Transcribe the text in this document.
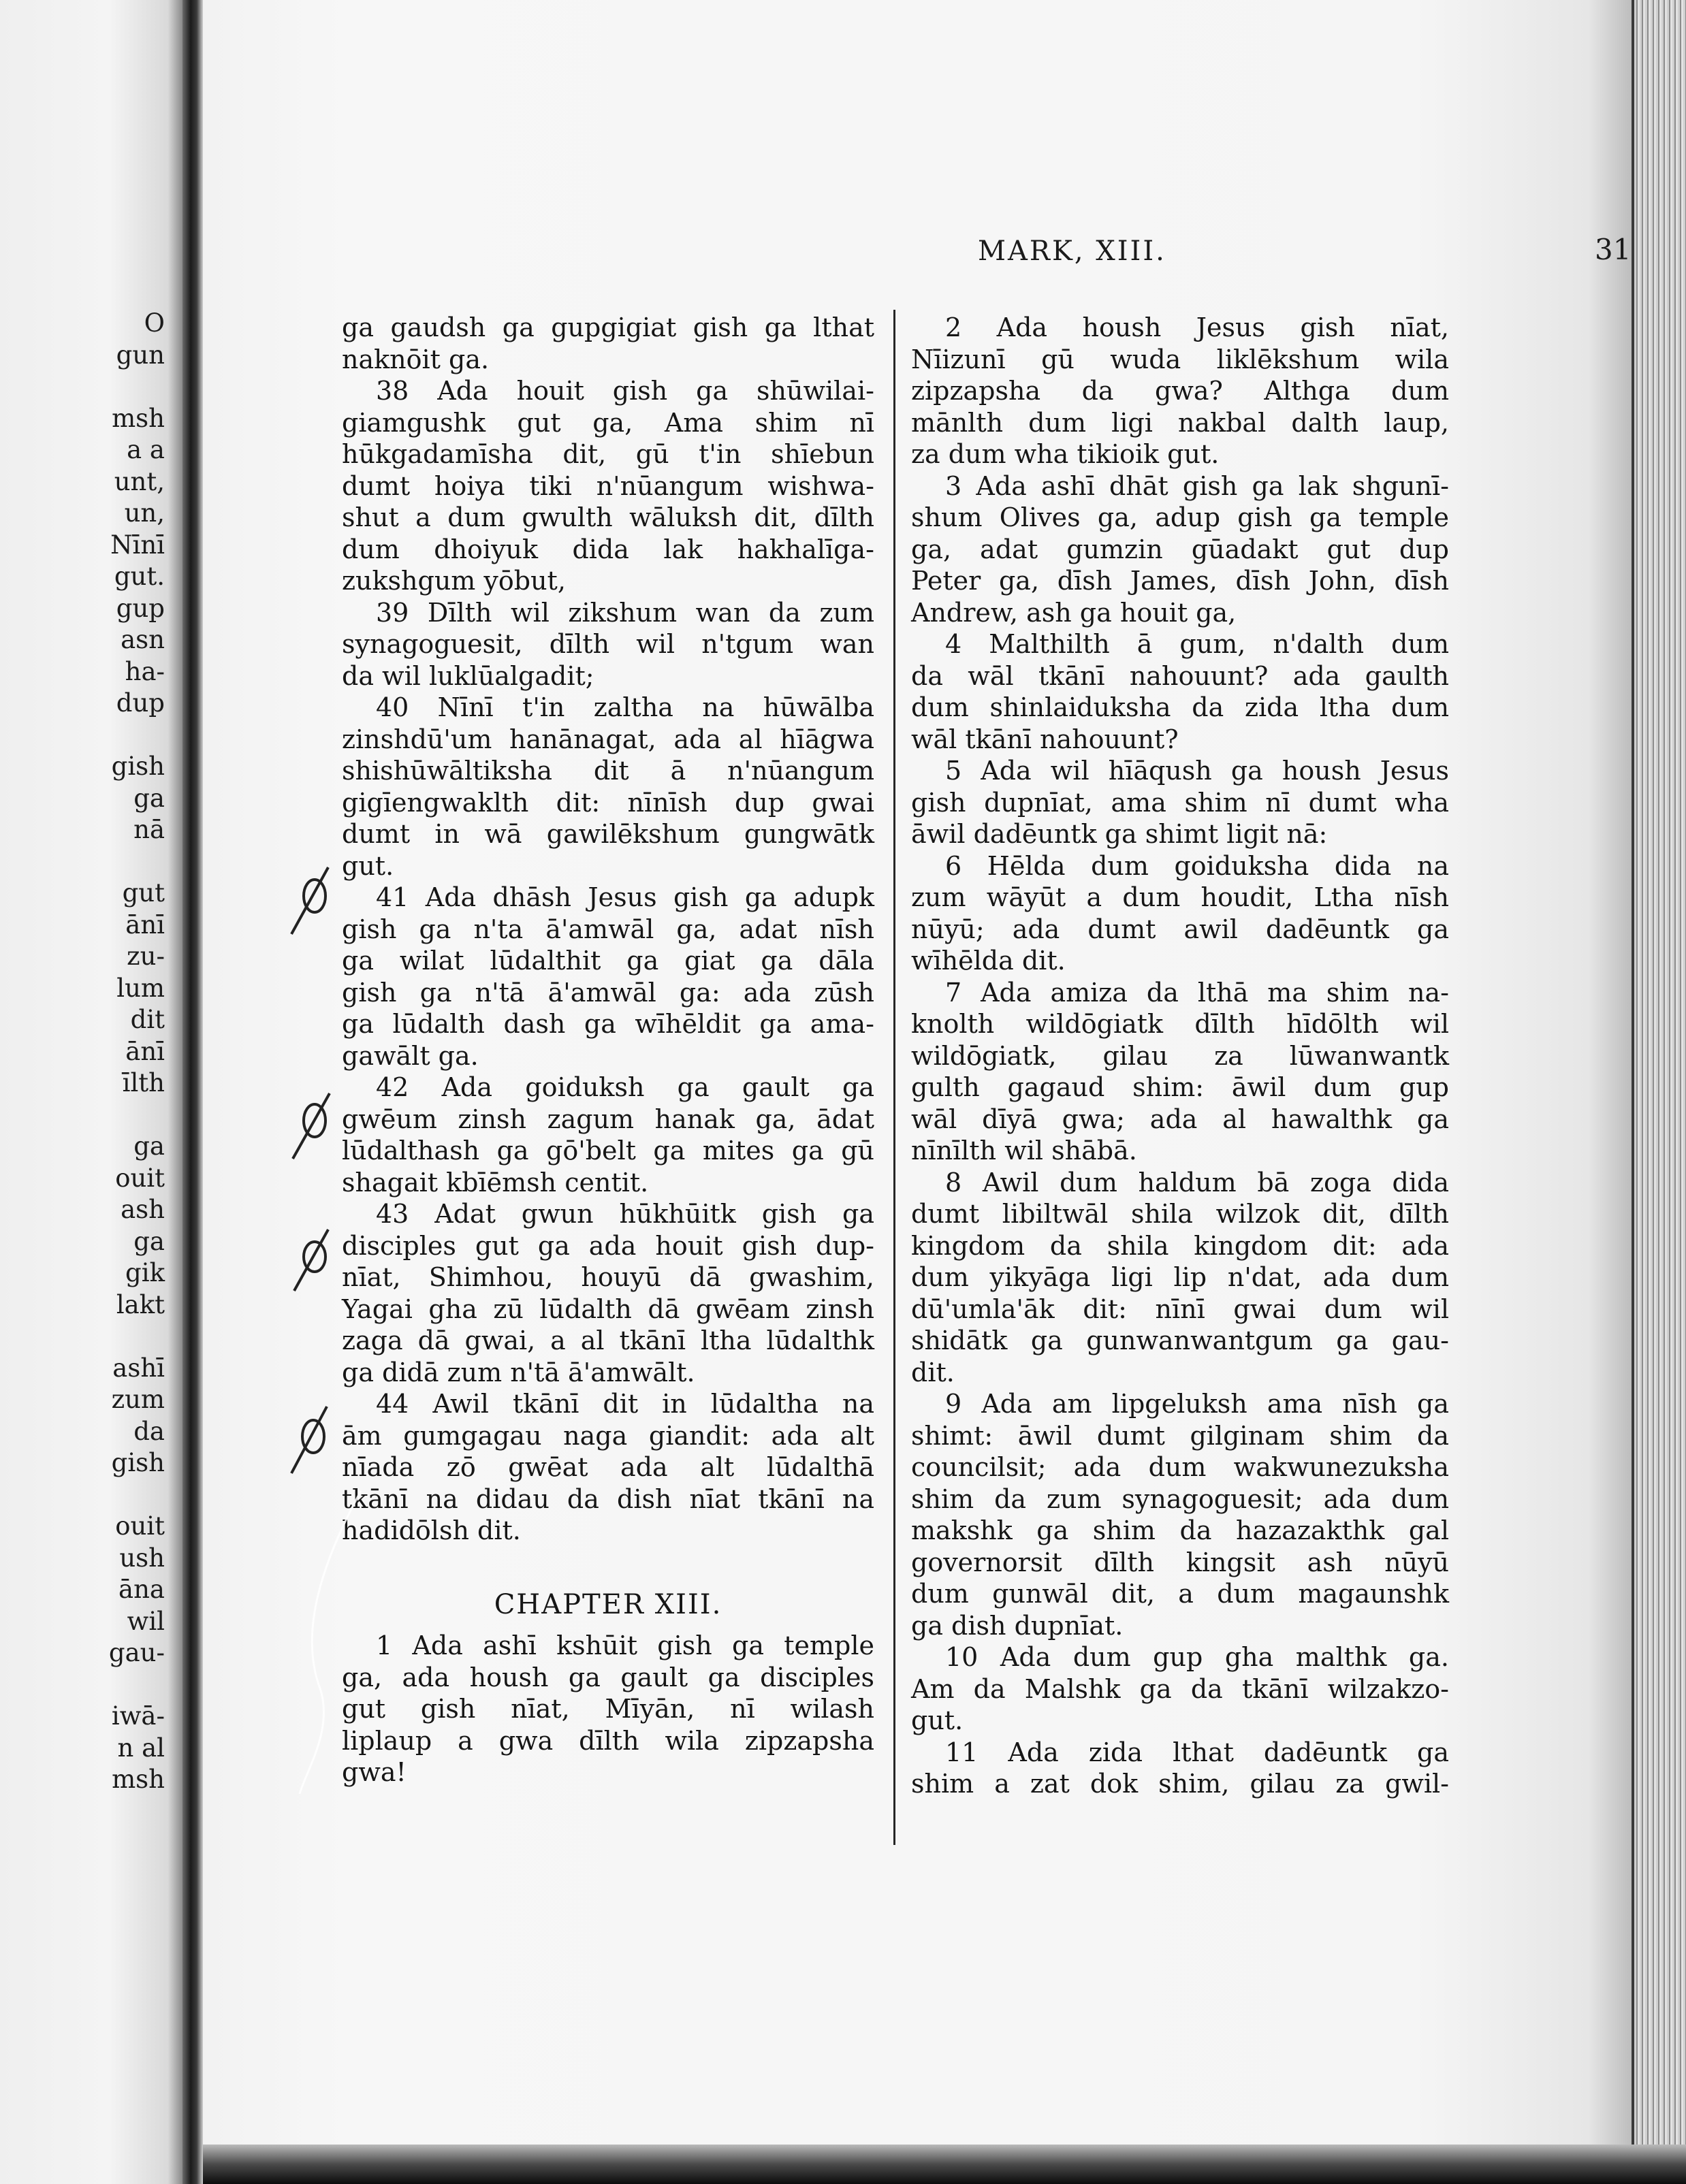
O
gun
msh
a a
unt,
un,
Nīnī
gut.
gup
asn
ha-
dup
gish
ga
nā
gut
ānī
zu-
lum
dit
ānī
īlth
ga
ouit
ash
ga
gik
lakt
ashī
zum
da
gish
ouit
ush
āna
wil
gau-
iwā-
n al
msh
MARK, XIII.	31

ga gaudsh ga gupgigiat gish ga lthat

naknōit ga.

38 Ada houit gish ga shūwilai-

giamgushk gut ga, Ama shim nī

hūkgadamīsha dit, gū t'in shīebun

dumt hoiya tiki n'nūangum wishwa-

shut a dum gwulth wāluksh dit, dīlth

dum dhoiyuk dida lak hakhalīga-

zukshgum yōbut,

39 Dīlth wil zikshum wan da zum

synagoguesit, dīlth wil n'tgum wan

da wil luklūalgadit;

40 Nīnī t'in zaltha na hūwālba

zinshdū'um hanānagat, ada al hīāgwa

shishūwāltiksha dit ā n'nūangum

gigīengwaklth dit: nīnīsh dup gwai

dumt in wā gawilēkshum gungwātk

gut.

41 Ada dhāsh Jesus gish ga adupk

gish ga n'ta ā'amwāl ga, adat nīsh

ga wilat lūdalthit ga giat ga dāla

gish ga n'tā ā'amwāl ga: ada zūsh

ga lūdalth dash ga wīhēldit ga ama-

gawālt ga.

42 Ada goiduksh ga gault ga

gwēum zinsh zagum hanak ga, ādat

lūdalthash ga gō'belt ga mites ga gū

shagait kbīēmsh centit.

43 Adat gwun hūkhūitk gish ga

disciples gut ga ada houit gish dup-

nīat, Shimhou, houyū dā gwashim,

Yagai gha zū lūdalth dā gwēam zinsh

zaga dā gwai, a al tkānī ltha lūdalthk

ga didā zum n'tā ā'amwālt.

44 Awil tkānī dit in lūdaltha na

ām gumgagau naga giandit: ada alt

nīada zō gwēat ada alt lūdalthā

tkānī na didau da dish nīat tkānī na

hadidōlsh dit.

CHAPTER XIII.

1 Ada ashī kshūit gish ga temple

ga, ada housh ga gault ga disciples

gut gish nīat, Mīyān, nī wilash

liplaup a gwa dīlth wila zipzapsha

gwa!

2 Ada housh Jesus gish nīat,

Nīizunī gū wuda liklēkshum wila

zipzapsha da gwa? Althga dum

mānlth dum ligi nakbal dalth laup,

za dum wha tikioik gut.

3 Ada ashī dhāt gish ga lak shgunī-

shum Olives ga, adup gish ga temple

ga, adat gumzin gūadakt gut dup

Peter ga, dīsh James, dīsh John, dīsh

Andrew, ash ga houit ga,

4 Malthilth ā gum, n'dalth dum

da wāl tkānī nahouunt? ada gaulth

dum shinlaiduksha da zida ltha dum

wāl tkānī nahouunt?

5 Ada wil hīāqush ga housh Jesus

gish dupnīat, ama shim nī dumt wha

āwil dadēuntk ga shimt ligit nā:

6 Hēlda dum goiduksha dida na

zum wāyūt a dum houdit, Ltha nīsh

nūyū; ada dumt awil dadēuntk ga

wīhēlda dit.

7 Ada amiza da lthā ma shim na-

knolth wildōgiatk dīlth hīdōlth wil

wildōgiatk, gilau za lūwanwantk

gulth gagaud shim: āwil dum gup

wāl dīyā gwa; ada al hawalthk ga

nīnīlth wil shābā.

8 Awil dum haldum bā zoga dida

dumt libiltwāl shila wilzok dit, dīlth

kingdom da shila kingdom dit: ada

dum yikyāga ligi lip n'dat, ada dum

dū'umla'āk dit: nīnī gwai dum wil

shidātk ga gunwanwantgum ga gau-

dit.

9 Ada am lipgeluksh ama nīsh ga

shimt: āwil dumt gilginam shim da

councilsit; ada dum wakwunezuksha

shim da zum synagoguesit; ada dum

makshk ga shim da hazazakthk gal

governorsit dīlth kingsit ash nūyū

dum gunwāl dit, a dum magaunshk

ga dish dupnīat.

10 Ada dum gup gha malthk ga.

Am da Malshk ga da tkānī wilzakzo-

gut.

11 Ada zida lthat dadēuntk ga

shim a zat dok shim, gilau za gwil-
